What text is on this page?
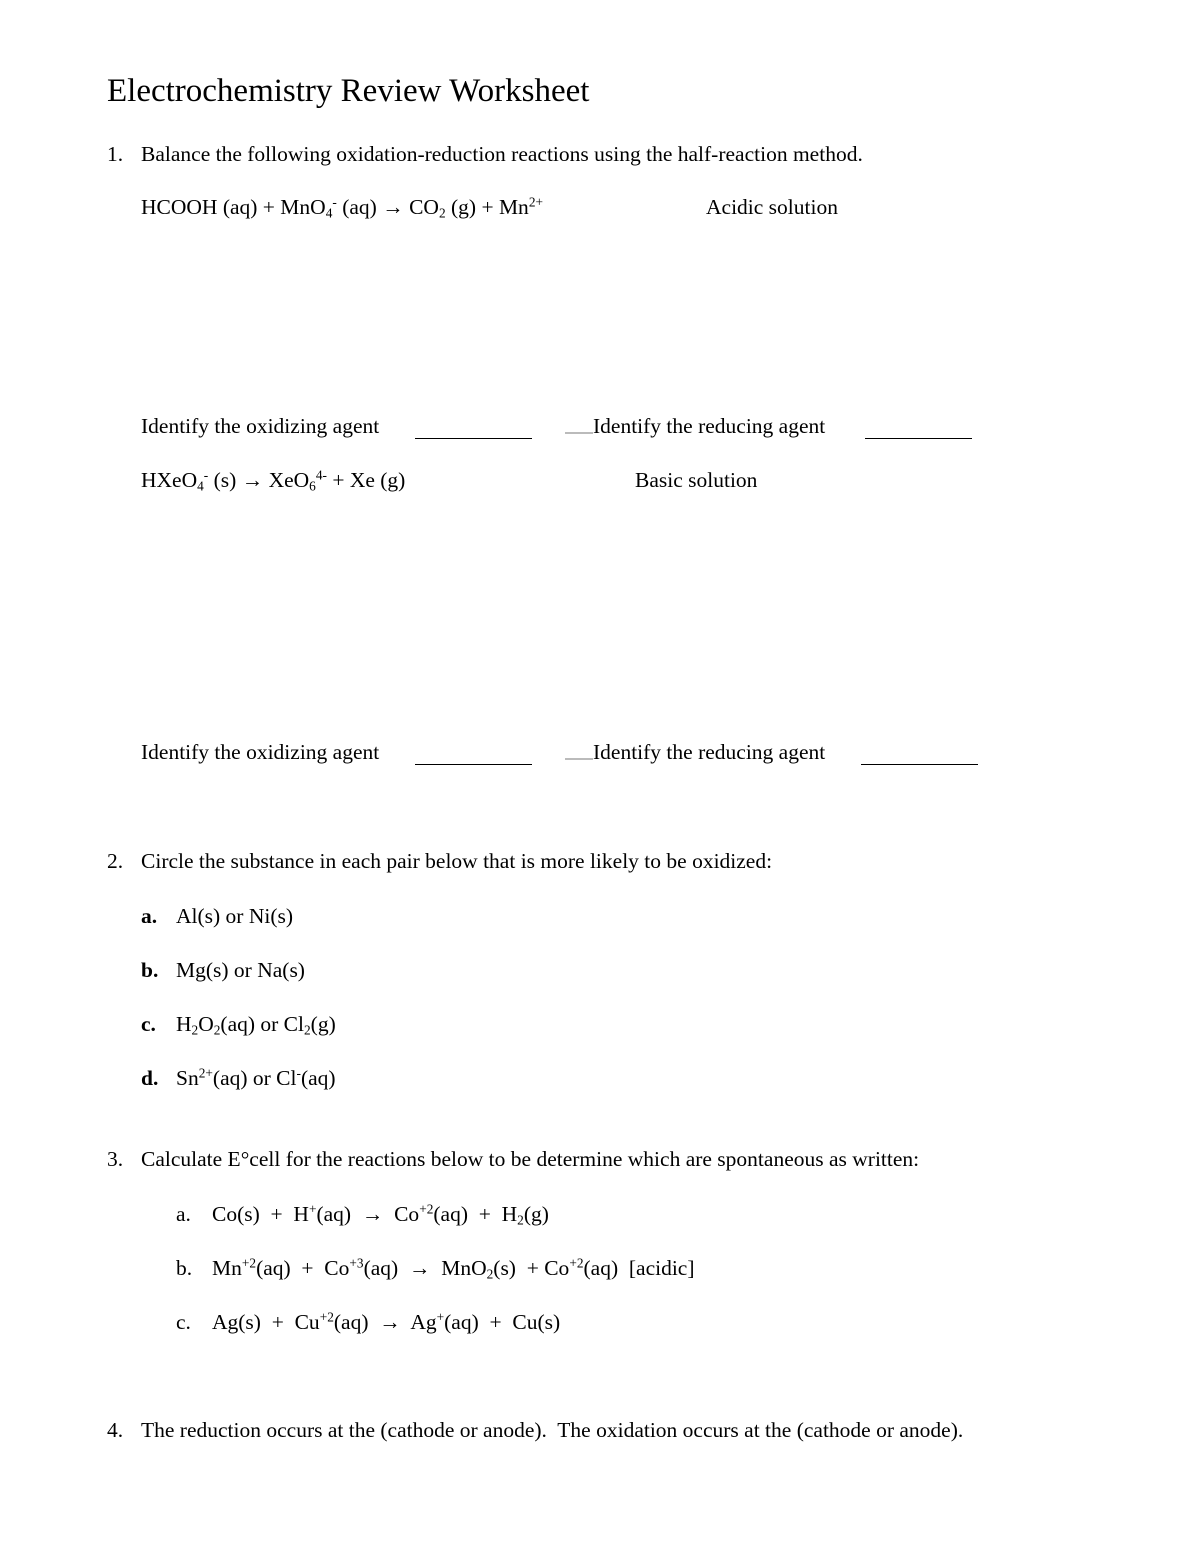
Electrochemistry Review Worksheet
1. Balance the following oxidation-reduction reactions using the half-reaction method.
HCOOH (aq) + MnO$_4$- $(aq) \to CO_2$ $(g) + Mn^{2+}$	Acidic solution
Identify the oxidizing agent	Identify the reducing agent
HXeO$_4$- (s) → XeO$_6^{4-}$ + Xe (g)	Basic solution
Identify the oxidizing agent	Identify the reducing agent
2. Circle the substance in each pair below that is more likely to be oxidized:
a. Al(s) or Ni(s)
b. Mg(s) or Na(s)
c. $H_2O_2(aq)$ or $Cl_2(g)$
d. $Sn^{2+}(aq)$ or Cl-(aq)
3. Calculate E°cell for the reactions below to be determine which are spontaneous as written:
a. $Co(s) + H^+(aq) \to Co^{+2}(aq) + H_2(g)$
b. $Mn^{+2}(aq) + Co^{+3}(aq) \to MnO_2(s) + Co^{+2}(aq)$  [acidic]
c. $Ag(s) + Cu^{+2}(aq) \to Ag^+(aq) + Cu(s)$
4. The reduction occurs at the (cathode or anode).  The oxidation occurs at the (cathode or anode).
